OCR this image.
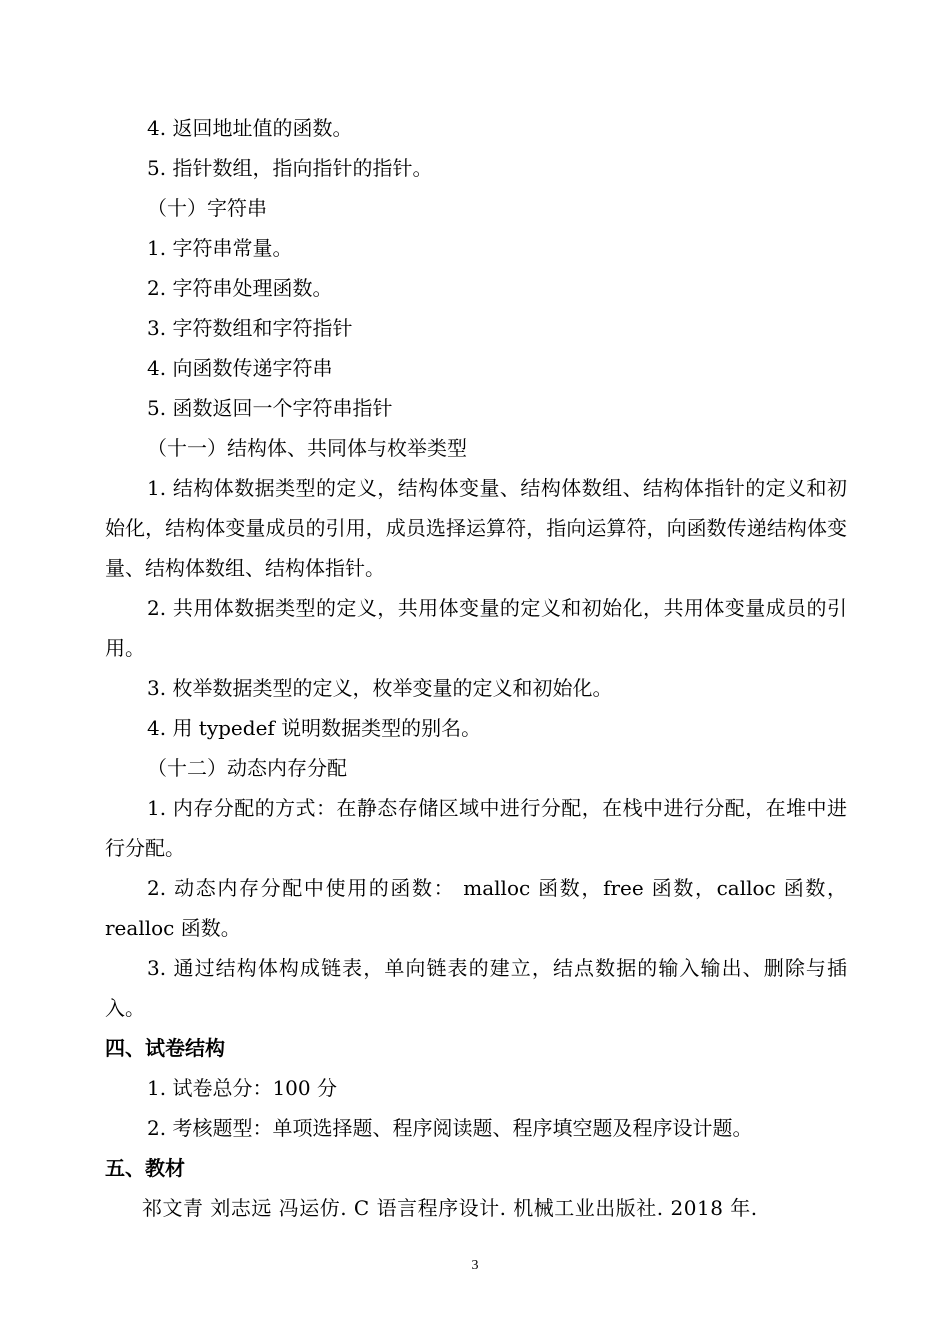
4. 返回地址值的函数。

5. 指针数组，指向指针的指针。

（十）字符串

1. 字符串常量。

2. 字符串处理函数。

3. 字符数组和字符指针

4. 向函数传递字符串

5. 函数返回一个字符串指针

（十一）结构体、共同体与枚举类型

1. 结构体数据类型的定义，结构体变量、结构体数组、结构体指针的定义和初始化，结构体变量成员的引用，成员选择运算符，指向运算符，向函数传递结构体变量、结构体数组、结构体指针。

2. 共用体数据类型的定义，共用体变量的定义和初始化，共用体变量成员的引用。

3. 枚举数据类型的定义，枚举变量的定义和初始化。

4. 用 typedef 说明数据类型的别名。

（十二）动态内存分配

1. 内存分配的方式：在静态存储区域中进行分配，在栈中进行分配，在堆中进行分配。

2. 动态内存分配中使用的函数： malloc 函数，free 函数，calloc 函数，realloc 函数。

3. 通过结构体构成链表，单向链表的建立，结点数据的输入输出、删除与插入。

四、试卷结构

1. 试卷总分：100 分

2. 考核题型：单项选择题、程序阅读题、程序填空题及程序设计题。

五、教材

祁文青 刘志远 冯运仿. C 语言程序设计. 机械工业出版社. 2018 年.

3
